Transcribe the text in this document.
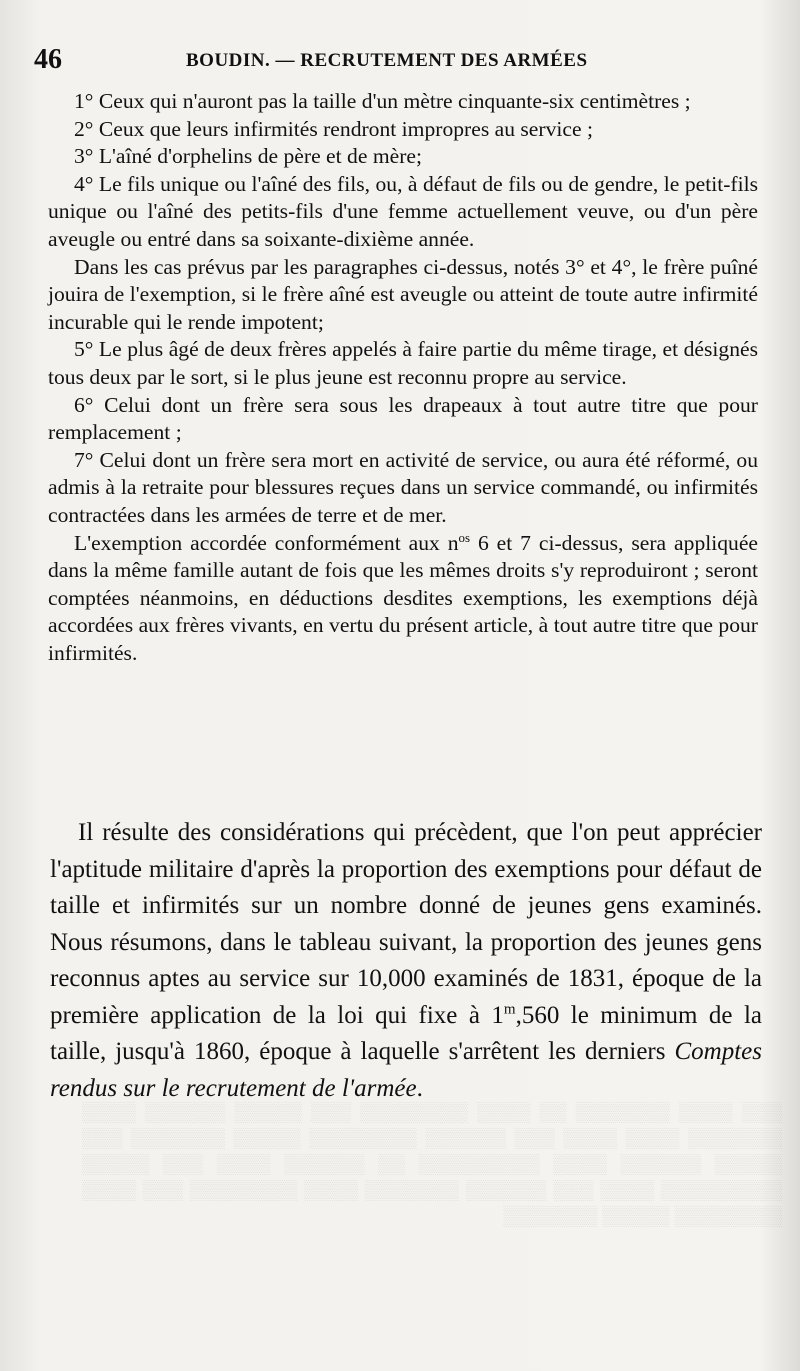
▒▒▒ ▒▒▒▒ ▒▒▒▒▒▒▒ ▒▒ ▒▒▒▒ ▒▒▒▒▒▒▒▒ ▒▒▒ ▒▒▒▒▒ ▒▒▒▒▒▒ ▒▒▒▒ ▒▒▒▒▒▒▒ ▒▒▒▒ ▒▒▒▒ ▒▒▒ ▒▒▒▒▒▒ ▒▒▒▒▒▒▒▒ ▒▒▒▒▒ ▒▒▒▒▒▒▒ ▒▒▒ ▒▒▒▒▒ ▒▒▒▒▒▒ ▒▒▒▒ ▒▒▒▒▒▒▒▒▒ ▒▒ ▒▒▒▒▒▒ ▒▒▒▒ ▒▒▒ ▒▒▒▒▒ ▒▒▒▒▒▒▒▒▒ ▒▒▒▒ ▒▒▒ ▒▒▒▒▒▒ ▒▒▒▒▒▒▒ ▒▒▒▒ ▒▒▒▒▒▒▒▒ ▒▒▒ ▒▒▒▒ ▒▒▒▒▒▒▒▒ ▒▒▒▒▒ ▒▒▒▒▒▒▒
46	BOUDIN. — RECRUTEMENT DES ARMÉES

1° Ceux qui n'auront pas la taille d'un mètre cinquante-six centimètres ;

2° Ceux que leurs infirmités rendront impropres au service ;

3° L'aîné d'orphelins de père et de mère;

4° Le fils unique ou l'aîné des fils, ou, à défaut de fils ou de gendre, le petit-fils unique ou l'aîné des petits-fils d'une femme actuellement veuve, ou d'un père aveugle ou entré dans sa soixante-dixième année.

Dans les cas prévus par les paragraphes ci-dessus, notés 3° et 4°, le frère puîné jouira de l'exemption, si le frère aîné est aveugle ou atteint de toute autre infirmité incurable qui le rende impotent;

5° Le plus âgé de deux frères appelés à faire partie du même tirage, et désignés tous deux par le sort, si le plus jeune est reconnu propre au service.

6° Celui dont un frère sera sous les drapeaux à tout autre titre que pour remplacement ;

7° Celui dont un frère sera mort en activité de service, ou aura été réformé, ou admis à la retraite pour blessures reçues dans un service commandé, ou infirmités contractées dans les armées de terre et de mer.

L'exemption accordée conformément aux $n^{os}$ 6 et 7 ci-dessus, sera appliquée dans la même famille autant de fois que les mêmes droits s'y reproduiront ; seront comptées néanmoins, en déductions desdites exemptions, les exemptions déjà accordées aux frères vivants, en vertu du présent article, à tout autre titre que pour infirmités.

Il résulte des considérations qui précèdent, que l'on peut apprécier l'aptitude militaire d'après la proportion des exemptions pour défaut de taille et infirmités sur un nombre donné de jeunes gens examinés. Nous résumons, dans le tableau suivant, la proportion des jeunes gens reconnus aptes au service sur 10,000 examinés de 1831, époque de la première application de la loi qui fixe à 1$^m$,560 le minimum de la taille, jusqu'à 1860, époque à laquelle s'arrêtent les derniers Comptes rendus sur le recrutement de l'armée.
